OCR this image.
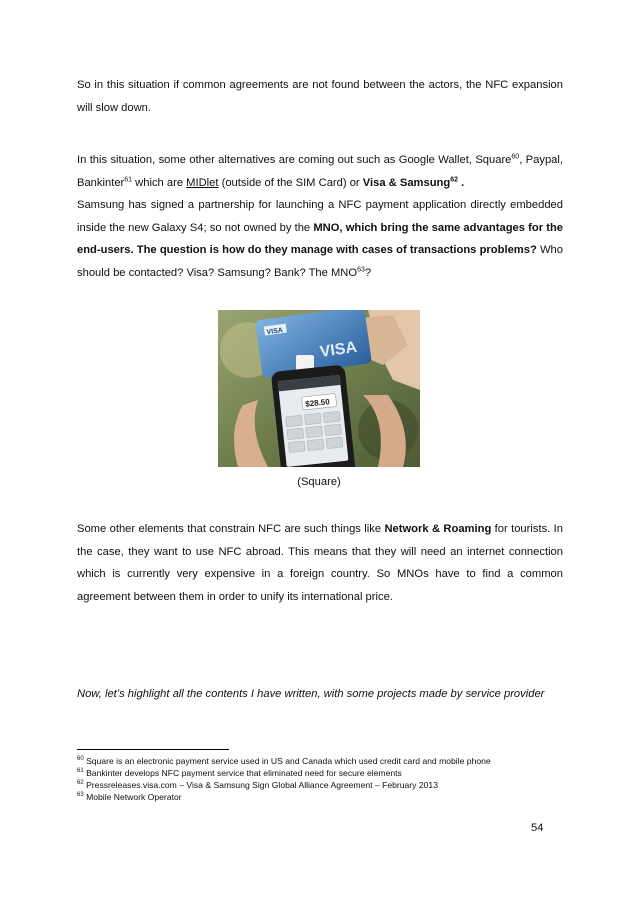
So in this situation if common agreements are not found between the actors, the NFC expansion will slow down.

In this situation, some other alternatives are coming out such as Google Wallet, Square$^{60}$, Paypal, Bankinter$^{61}$ which are MIDlet (outside of the SIM Card) or Visa & Samsung$^{62}$ .

Samsung has signed a partnership for launching a NFC payment application directly embedded inside the new Galaxy S4; so not owned by the MNO, which bring the same advantages for the end-users. The question is how do they manage with cases of transactions problems? Who should be contacted? Visa? Samsung? Bank? The MNO$^{63}$?

VISA
VISA
$28.50
(Square)

Some other elements that constrain NFC are such things like Network & Roaming for tourists. In the case, they want to use NFC abroad. This means that they will need an internet connection which is currently very expensive in a foreign country. So MNOs have to find a common agreement between them in order to unify its international price.

Now, let’s highlight all the contents I have written, with some projects made by service provider

$^{60}$ Square is an electronic payment service used in US and Canada which used credit card and mobile phone
$^{61}$ Bankinter develops NFC payment service that eliminated need for secure elements
$^{62}$ Pressreleases.visa.com – Visa & Samsung Sign Global Alliance Agreement – February 2013
$^{63}$ Mobile Network Operator
54
